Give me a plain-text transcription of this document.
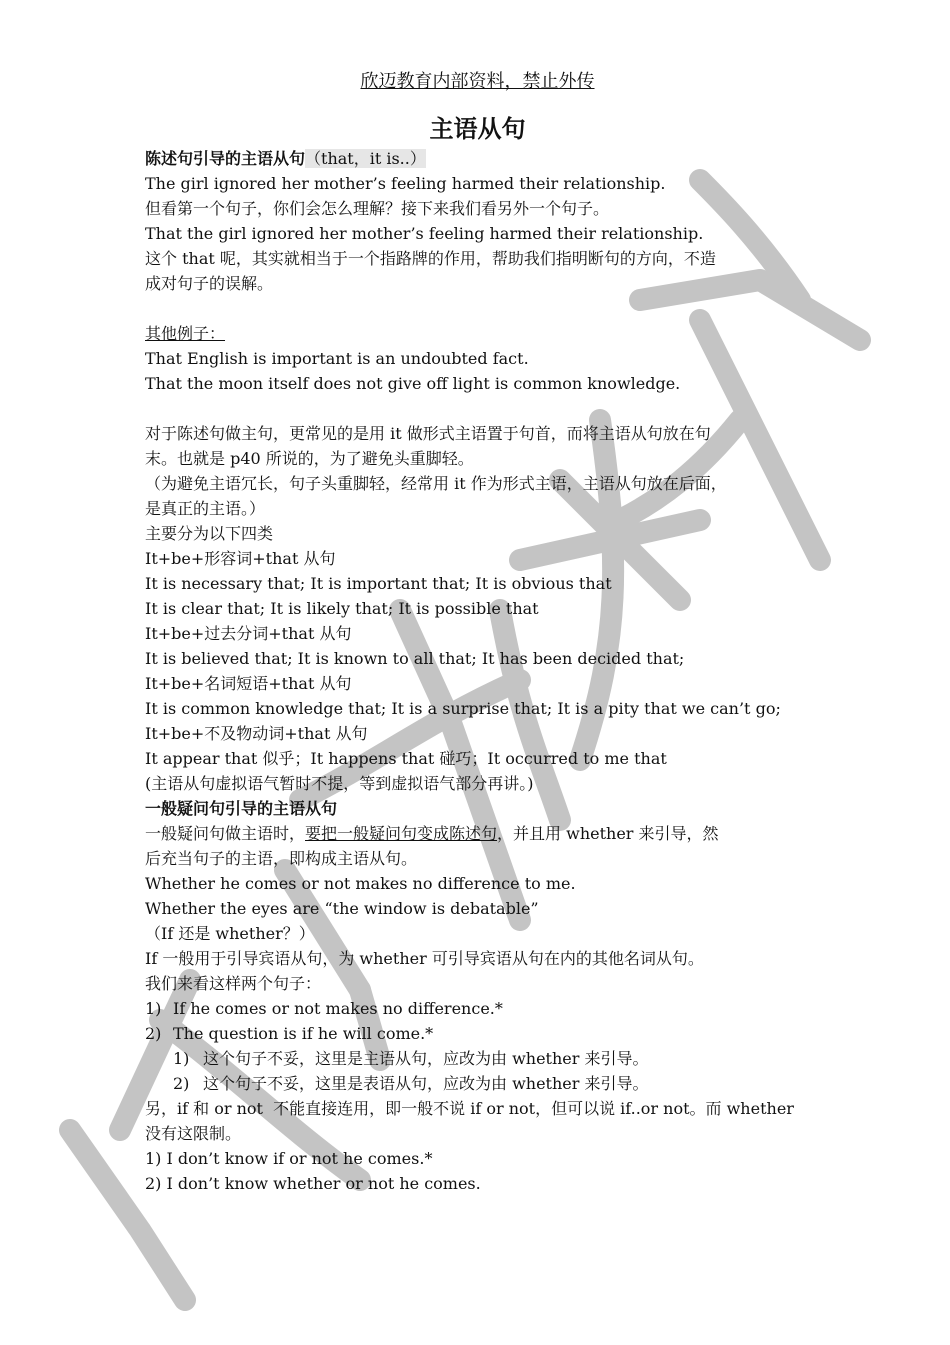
欣迈教育内部资料，禁止外传
主语从句
陈述句引导的主语从句（that，it is..）
The girl ignored her mother’s feeling harmed their relationship.
但看第一个句子，你们会怎么理解？接下来我们看另外一个句子。
That the girl ignored her mother’s feeling harmed their relationship.
这个 that 呢，其实就相当于一个指路牌的作用，帮助我们指明断句的方向，不造
成对句子的误解。
其他例子：
That English is important is an undoubted fact.
That the moon itself does not give off light is common knowledge.
对于陈述句做主句，更常见的是用 it 做形式主语置于句首，而将主语从句放在句
末。也就是 p40 所说的，为了避免头重脚轻。
（为避免主语冗长，句子头重脚轻，经常用 it 作为形式主语，主语从句放在后面，
是真正的主语。）
主要分为以下四类
It+be+形容词+that 从句
It is necessary that; It is important that; It is obvious that
It is clear that; It is likely that; It is possible that
It+be+过去分词+that 从句
It is believed that; It is known to all that; It has been decided that;
It+be+名词短语+that 从句
It is common knowledge that; It is a surprise that; It is a pity that we can’t go;
It+be+不及物动词+that 从句
It appear that 似乎；It happens that 碰巧；It occurred to me that
(主语从句虚拟语气暂时不提，等到虚拟语气部分再讲。)
一般疑问句引导的主语从句
一般疑问句做主语时，要把一般疑问句变成陈述句，并且用 whether 来引导，然
后充当句子的主语，即构成主语从句。
Whether he comes or not makes no difference to me.
Whether the eyes are “the window is debatable”
（If 还是 whether？）
If 一般用于引导宾语从句，为 whether 可引导宾语从句在内的其他名词从句。
我们来看这样两个句子：
1) If he comes or not makes no difference.*
2) The question is if he will come.*
1) 这个句子不妥，这里是主语从句，应改为由 whether 来引导。
2) 这个句子不妥，这里是表语从句，应改为由 whether 来引导。
另，if 和 or not  不能直接连用，即一般不说 if or not，但可以说 if..or not。而 whether
没有这限制。
1) I don’t know if or not he comes.*
2) I don’t know whether or not he comes.
